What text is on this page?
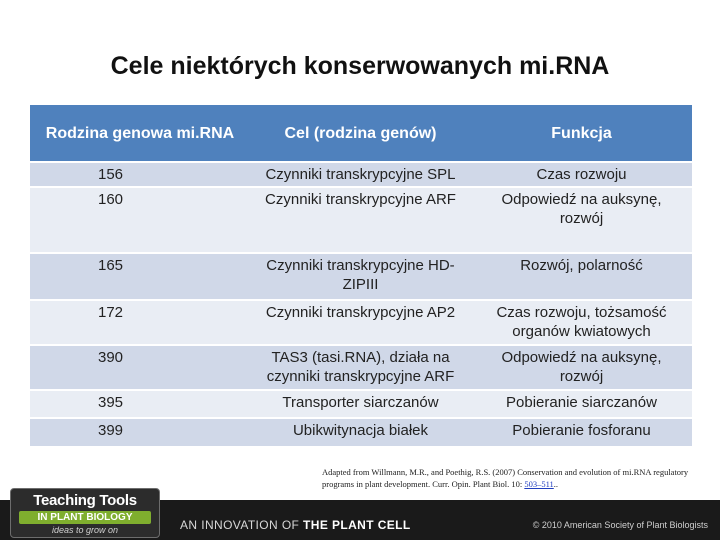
Cele niektórych konserwowanych mi.RNA
Rodzina genowa mi.RNA	Cel (rodzina genów)	Funkcja
156	Czynniki transkrypcyjne SPL	Czas rozwoju
160	Czynniki transkrypcyjne ARF	Odpowiedź na auksynę, rozwój
165	Czynniki transkrypcyjne HD-ZIPIII	Rozwój, polarność
172	Czynniki transkrypcyjne AP2	Czas rozwoju, tożsamość organów kwiatowych
390	TAS3 (tasi.RNA), działa na czynniki transkrypcyjne ARF	Odpowiedź na auksynę, rozwój
395	Transporter siarczanów	Pobieranie siarczanów
399	Ubikwitynacja białek	Pobieranie fosforanu
Adapted from Willmann, M.R., and Poethig, R.S. (2007) Conservation and evolution of mi.RNA regulatory programs in plant development. Curr. Opin. Plant Biol. 10: 503–511..
Teaching Tools
IN PLANT BIOLOGY
ideas to grow on	AN INNOVATION OF THE PLANT CELL	© 2010 American Society of Plant Biologists
